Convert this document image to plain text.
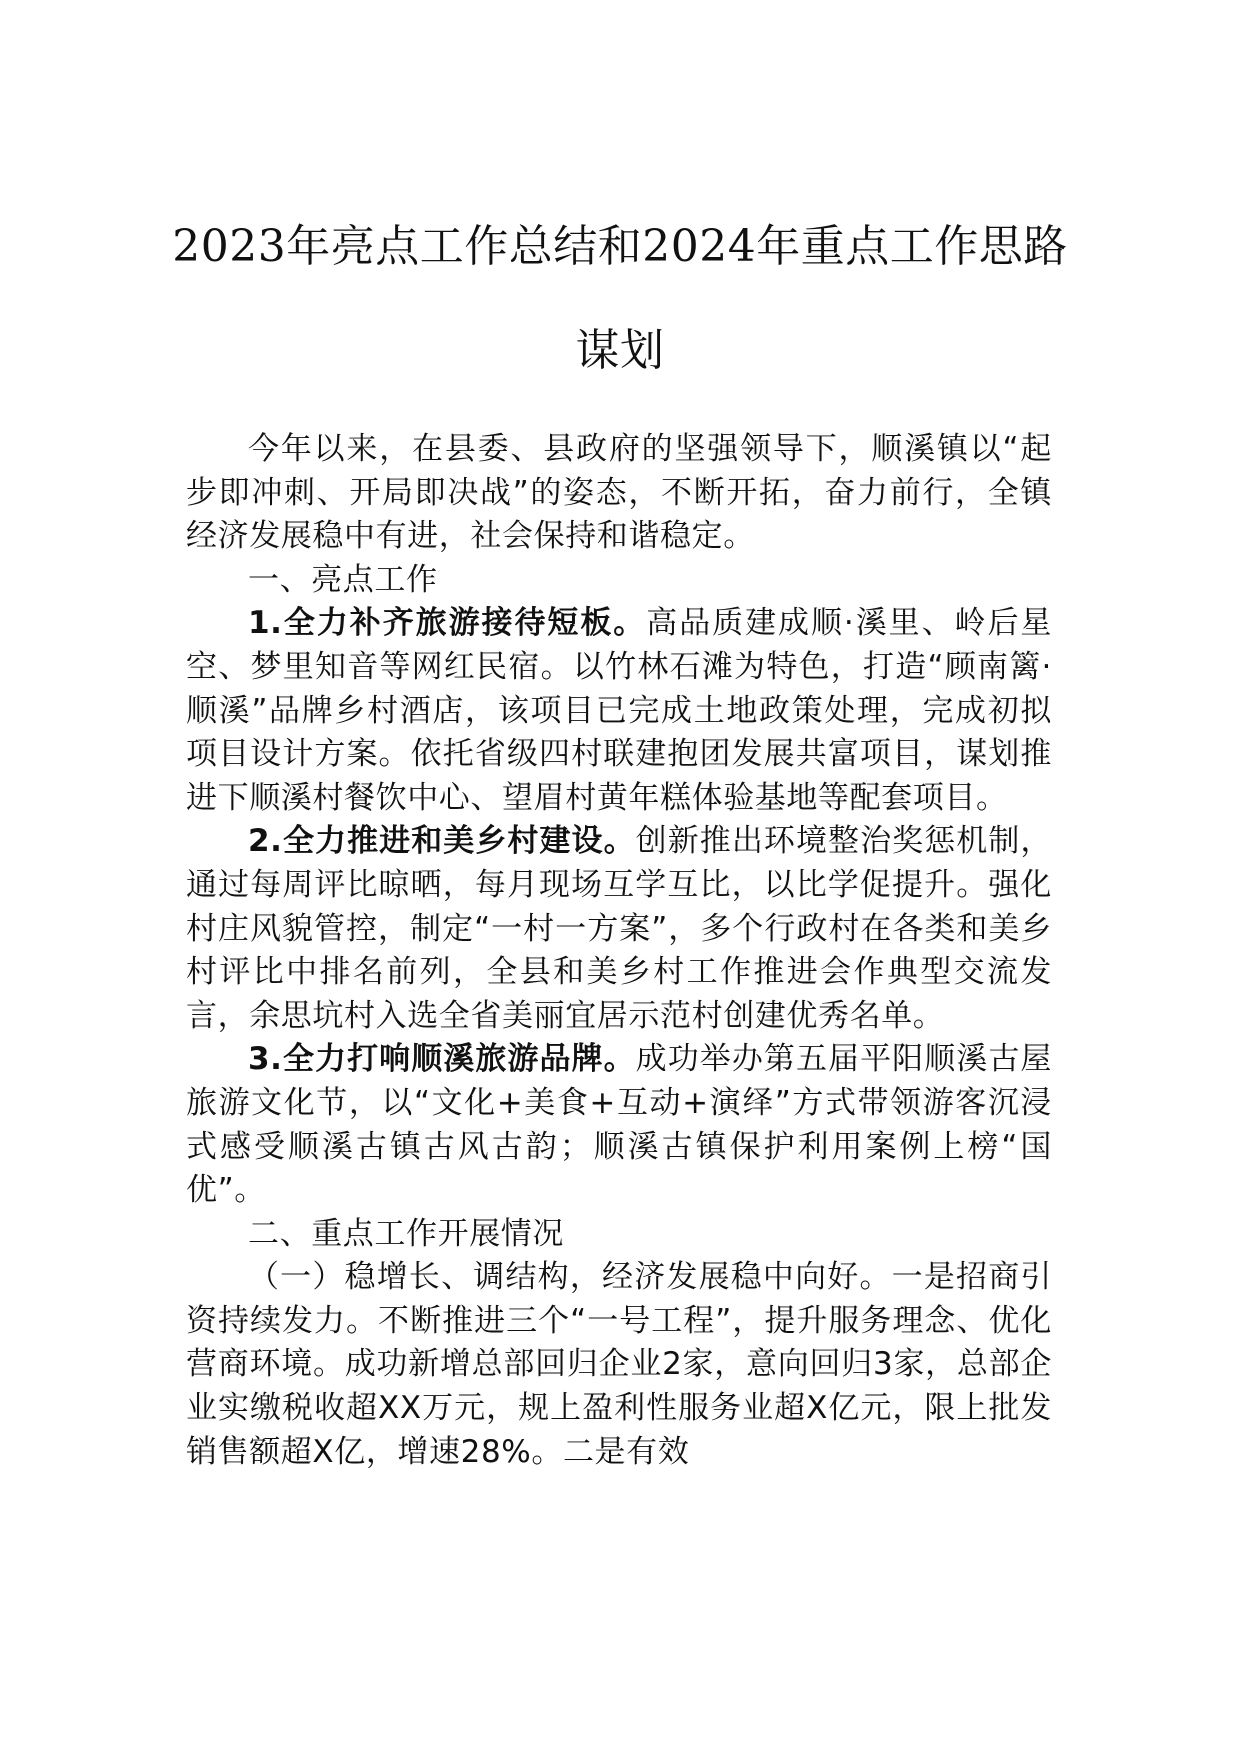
2023年亮点工作总结和2024年重点工作思路谋划

今年以来，在县委、县政府的坚强领导下，顺溪镇以“起步即冲刺、开局即决战”的姿态，不断开拓，奋力前行，全镇经济发展稳中有进，社会保持和谐稳定。

一、亮点工作

1.全力补齐旅游接待短板。高品质建成顺·溪里、岭后星空、梦里知音等网红民宿。以竹林石滩为特色，打造“顾南篱·顺溪”品牌乡村酒店，该项目已完成土地政策处理，完成初拟项目设计方案。依托省级四村联建抱团发展共富项目，谋划推进下顺溪村餐饮中心、望眉村黄年糕体验基地等配套项目。

2.全力推进和美乡村建设。创新推出环境整治奖惩机制，通过每周评比晾晒，每月现场互学互比，以比学促提升。强化村庄风貌管控，制定“一村一方案”，多个行政村在各类和美乡村评比中排名前列，全县和美乡村工作推进会作典型交流发言，余思坑村入选全省美丽宜居示范村创建优秀名单。

3.全力打响顺溪旅游品牌。成功举办第五届平阳顺溪古屋旅游文化节，以“文化+美食+互动+演绎”方式带领游客沉浸式感受顺溪古镇古风古韵；顺溪古镇保护利用案例上榜“国优”。

二、重点工作开展情况

（一）稳增长、调结构，经济发展稳中向好。一是招商引资持续发力。不断推进三个“一号工程”，提升服务理念、优化营商环境。成功新增总部回归企业2家，意向回归3家，总部企业实缴税收超XX万元，规上盈利性服务业超X亿元，限上批发销售额超X亿，增速28%。二是有效
